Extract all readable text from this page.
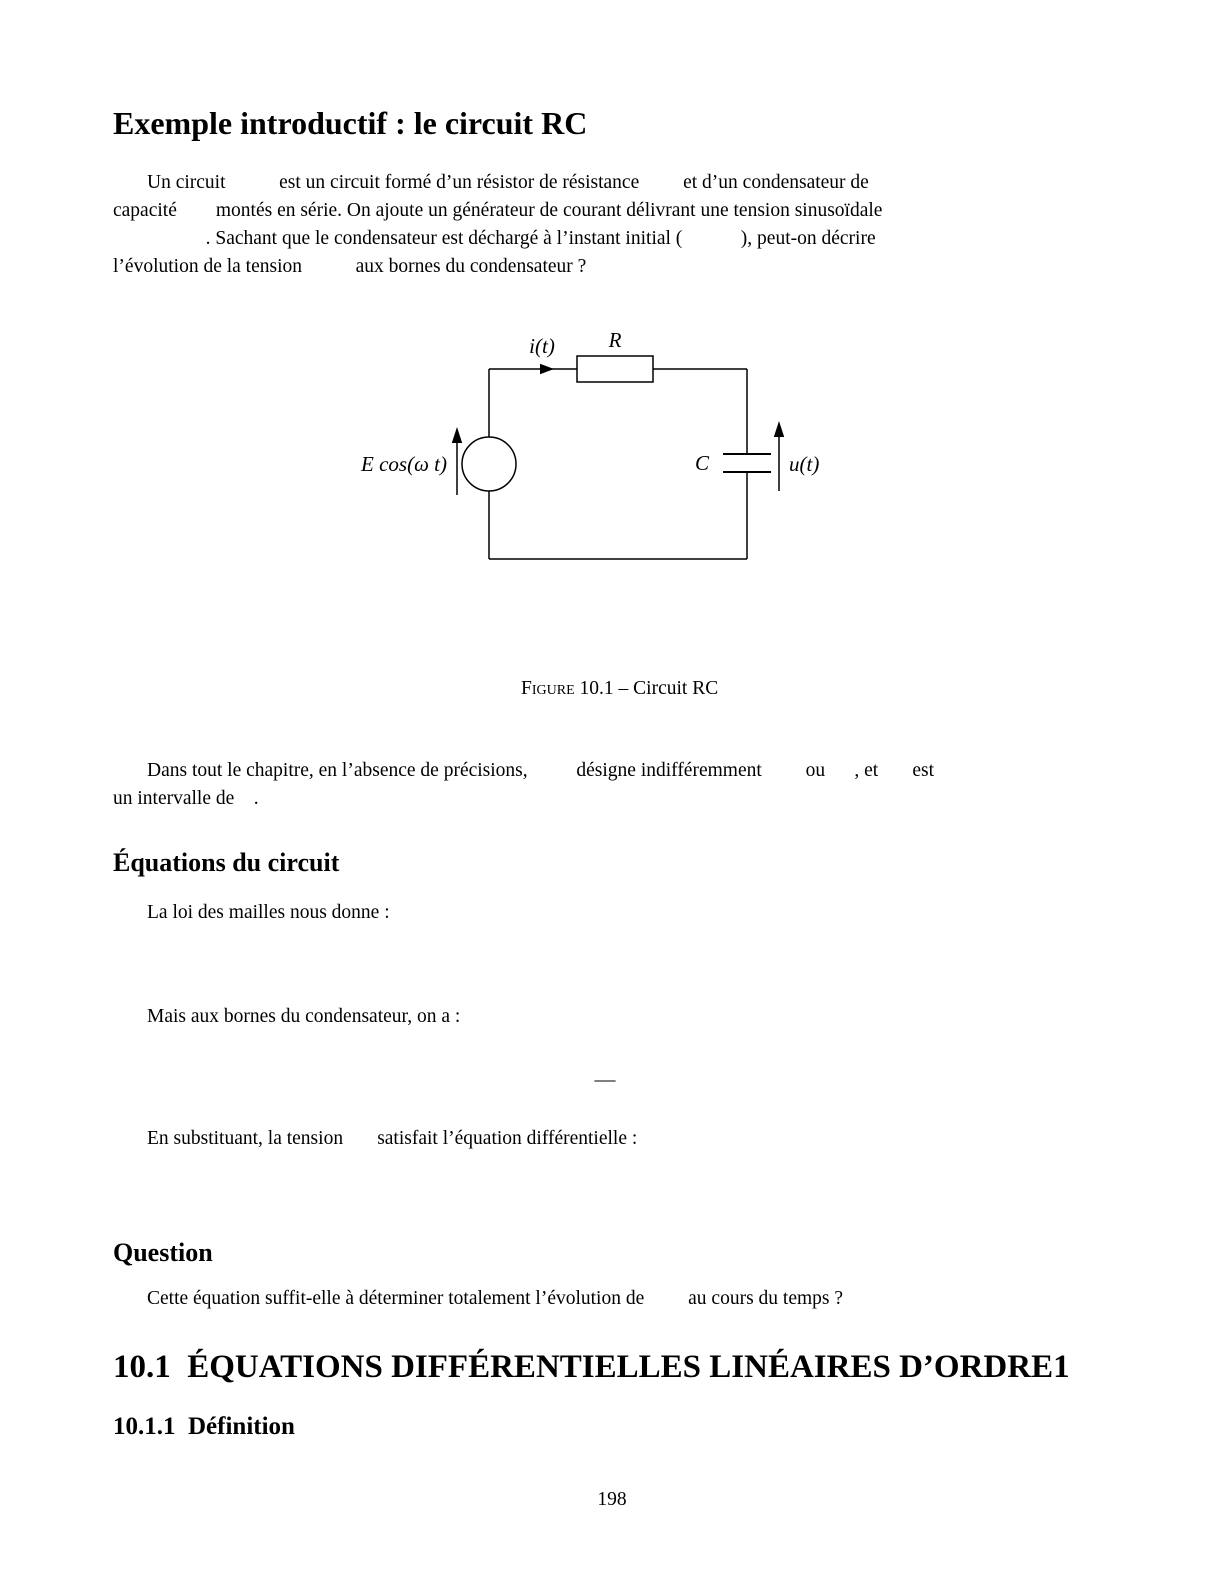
Exemple introductif : le circuit RC
Un circuit           est un circuit formé d’un résistor de résistance         et d’un condensateur de
capacité        montés en série. On ajoute un générateur de courant délivrant une tension sinusoïdale
. Sachant que le condensateur est déchargé à l’instant initial (            ), peut-on décrire
l’évolution de la tension           aux bornes du condensateur ?
i(t)	R
E cos(ω t)	C	u(t)

Figure 10.1 – Circuit RC

Dans tout le chapitre, en l’absence de précisions,          désigne indifféremment         ou      , et       est
un intervalle de    .
Équations du circuit
La loi des mailles nous donne :
Mais aux bornes du condensateur, on a :
—
En substituant, la tension       satisfait l’équation différentielle :
Question
Cette équation suffit-elle à déterminer totalement l’évolution de         au cours du temps ?
10.1  ÉQUATIONS DIFFÉRENTIELLES LINÉAIRES D’ORDRE1
10.1.1  Définition
198
